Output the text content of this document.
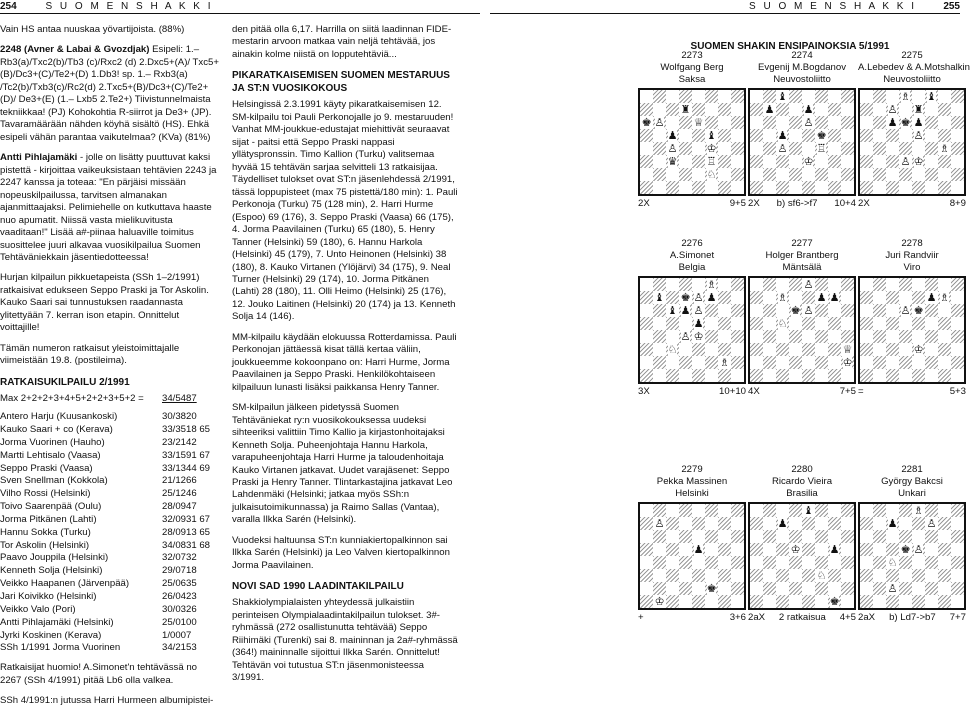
254	S U O M E N S H A K K I	S U O M E N S H A K K I	255

Vain HS antaa nuuskaa yövartijoista. (88%)

2248 (Avner & Labai & Gvozdjak) Esipeli: 1.– Rb3(a)/Txc2(b)/Tb3 (c)/Rxc2 (d) 2.Dxc5+(A)/ Txc5+(B)/Dc3+(C)/Te2+(D) 1.Db3! sp. 1.– Rxb3(a) /Tc2(b)/Txb3(c)/Rc2(d) 2.Txc5+(B)/Dc3+(C)/Te2+(D)/ De3+(E) (1.– Lxb5 2.Te2+) Tiivistunnelmaista tekniikkaa! (PJ) Kohokohtia R-siirrot ja De3+ (JP). Tavaramäärään nähden köyhä sisältö (HS). Ehkä esipeli vähän parantaa vaikutelmaa? (KVa) (81%)

Antti Pihlajamäki - jolle on lisätty puuttuvat kaksi pistettä - kirjoittaa vaikeuksistaan tehtävien 2243 ja 2247 kanssa ja toteaa: "En pärjäisi missään nopeuskilpailussa, tarvitsen almanakan ajanmittaajaksi. Pelimiehelle on kutkuttava haaste nuo apumatit. Niissä vasta mielikuvitusta vaaditaan!" Lisää a#-piinaa haluaville toimitus suosittelee juuri alkavaa vuosikilpailua Suomen Tehtäväniekkain jäsentiedotteessa!

Hurjan kilpailun pikkuetapeista (SSh 1–2/1991) ratkaisivat edukseen Seppo Praski ja Tor Askolin. Kauko Saari sai tunnustuksen raadannasta ylitettyään 7. kerran ison etapin. Onnittelut voittajille!

Tämän numeron ratkaisut yleistoimittajalle viimeistään 19.8. (postileima).

RATKAISUKILPAILU 2/1991
Max 2+2+2+3+4+5+2+2+3+5+2 = 34/5487
Antero Harju (Kuusankoski)	30/3820
Kauko Saari + co (Kerava)	33/3518 65
Jorma Vuorinen (Hauho)	23/2142
Martti Lehtisalo (Vaasa)	33/1591 67
Seppo Praski (Vaasa)	33/1344 69
Sven Snellman (Kokkola)	21/1266
Vilho Rossi (Helsinki)	25/1246
Toivo Saarenpää (Oulu)	28/0947
Jorma Pitkänen (Lahti)	32/0931 67
Hannu Sokka (Turku)	28/0913 65
Tor Askolin (Helsinki)	34/0831 68
Paavo Jouppila (Helsinki)	32/0732
Kenneth Solja (Helsinki)	29/0718
Veikko Haapanen (Järvenpää)	25/0635
Jari Koivikko (Helsinki)	26/0423
Veikko Valo (Pori)	30/0326
Antti Pihlajamäki (Helsinki)	25/0100
Jyrki Koskinen (Kerava)	1/0007
SSh 1/1991 Jorma Vuorinen	34/2153

Ratkaisijat huomio! A.Simonet'n tehtävässä no 2267 (SSh 4/1991) pitää Lb6 olla valkea.

SSh 4/1991:n jutussa Harri Hurmeen albumipistei-

den pitää olla 6,17. Harrilla on siitä laadinnan FIDE-mestarin arvoon matkaa vain neljä tehtävää, jos ainakin kolme niistä on lopputehtäviä...

PIKARATKAISEMISEN SUOMEN MESTARUUS JA ST:N VUOSIKOKOUS

Helsingissä 2.3.1991 käyty pikaratkaisemisen 12. SM-kilpailu toi Pauli Perkonojalle jo 9. mestaruuden! Vanhat MM-joukkue-edustajat miehittivät seuraavat sijat - paitsi että Seppo Praski nappasi yllätyspronssin. Timo Kallion (Turku) valitsemaa hyvää 15 tehtävän sarjaa selvitteli 13 ratkaisijaa. Täydelliset tulokset ovat ST:n jäsenlehdessä 2/1991, tässä loppupisteet (max 75 pistettä/180 min): 1. Pauli Perkonoja (Turku) 75 (128 min), 2. Harri Hurme (Espoo) 69 (176), 3. Seppo Praski (Vaasa) 66 (175), 4. Jorma Paavilainen (Turku) 65 (180), 5. Henry Tanner (Helsinki) 59 (180), 6. Hannu Harkola (Helsinki) 45 (179), 7. Unto Heinonen (Helsinki) 38 (180), 8. Kauko Virtanen (Ylöjärvi) 34 (175), 9. Neal Turner (Helsinki) 29 (174), 10. Jorma Pitkänen (Lahti) 28 (180), 11. Olli Heimo (Helsinki) 25 (176), 12. Jouko Laitinen (Helsinki) 20 (174) ja 13. Kenneth Solja 14 (146).

MM-kilpailu käydään elokuussa Rotterdamissa. Pauli Perkonojan jättäessä kisat tällä kertaa väliin, joukkueemme kokoonpano on: Harri Hurme, Jorma Paavilainen ja Seppo Praski. Henkilökohtaiseen kilpailuun lunasti lisäksi paikkansa Henry Tanner.

SM-kilpailun jälkeen pidetyssä Suomen Tehtäväniekat ry:n vuosikokouksessa uudeksi sihteeriksi valittiin Timo Kallio ja kirjastonhoitajaksi Kenneth Solja. Puheenjohtaja Hannu Harkola, varapuheenjohtaja Harri Hurme ja taloudenhoitaja Kauko Virtanen jatkavat. Uudet varajäsenet: Seppo Praski ja Henry Tanner. Tlintarkastajina jatkavat Leo Lahdenmäki (Helsinki; jatkaa myös SSh:n julkaisutoimikunnassa) ja Raimo Sallas (Vantaa), varalla Ilkka Sarén (Helsinki).

Vuodeksi haltuunsa ST:n kunniakiertopalkinnon sai Ilkka Sarén (Helsinki) ja Leo Valven kiertopalkinnon Jorma Paavilainen.

NOVI SAD 1990 LAADINTAKILPAILU

Shakkiolympialaisten yhteydessä julkaistiin perinteisen Olympialaadintakilpailun tulokset. 3#-ryhmässä (272 osallistunutta tehtävää) Seppo Riihimäki (Turenki) sai 8. maininnan ja 2a#-ryhmässä (364!) maininnalle sijoittui Ilkka Sarén. Onnittelut! Tehtävän voi tutustua ST:n jäsenmonisteessa 3/1991.

SUOMEN SHAKIN ENSIPAINOKSIA 5/1991
2273
Wolfgang Berg
Saksa
♜
♚ ♙	♕
♟	♝
♙	♔
♛	♖
♘
2X	9+5
2274
Evgenij M.Bogdanov
Neuvostoliitto
♝
♟	♟
♙
♟	♚
♙	♖
♔
2X b) sf6->f7 10+4
2275
A.Lebedev & A.Motshalkin
Neuvostoliitto
♗ ♝
♙ ♜
♟ ♚ ♟
♙
♗
♙ ♔
2X	8+9
2276
A.Simonet
Belgia
♗
♝ ♚ ♙ ♟
♝ ♟ ♙
♟
♙ ♔
♘
♗
3X	10+10
2277
Holger Brantberg
Mäntsälä
♙
♗	♟ ♟
♚ ♙
♘
♕
♔
4X	7+5
2278
Juri Randviir
Viro
♟ ♗
♙ ♚
♔
=	5+3
2279
Pekka Massinen
Helsinki
♙
♟
♚
♔
+	3+6
2280
Ricardo Vieira
Brasilia
♝
♟
♔	♟
♘
♚
2aX 2 ratkaisua 4+5
2281
György Bakcsi
Unkari
♗
♟	♙
♚ ♙
♘
♙
2aX b) Ld7->b7 7+7
